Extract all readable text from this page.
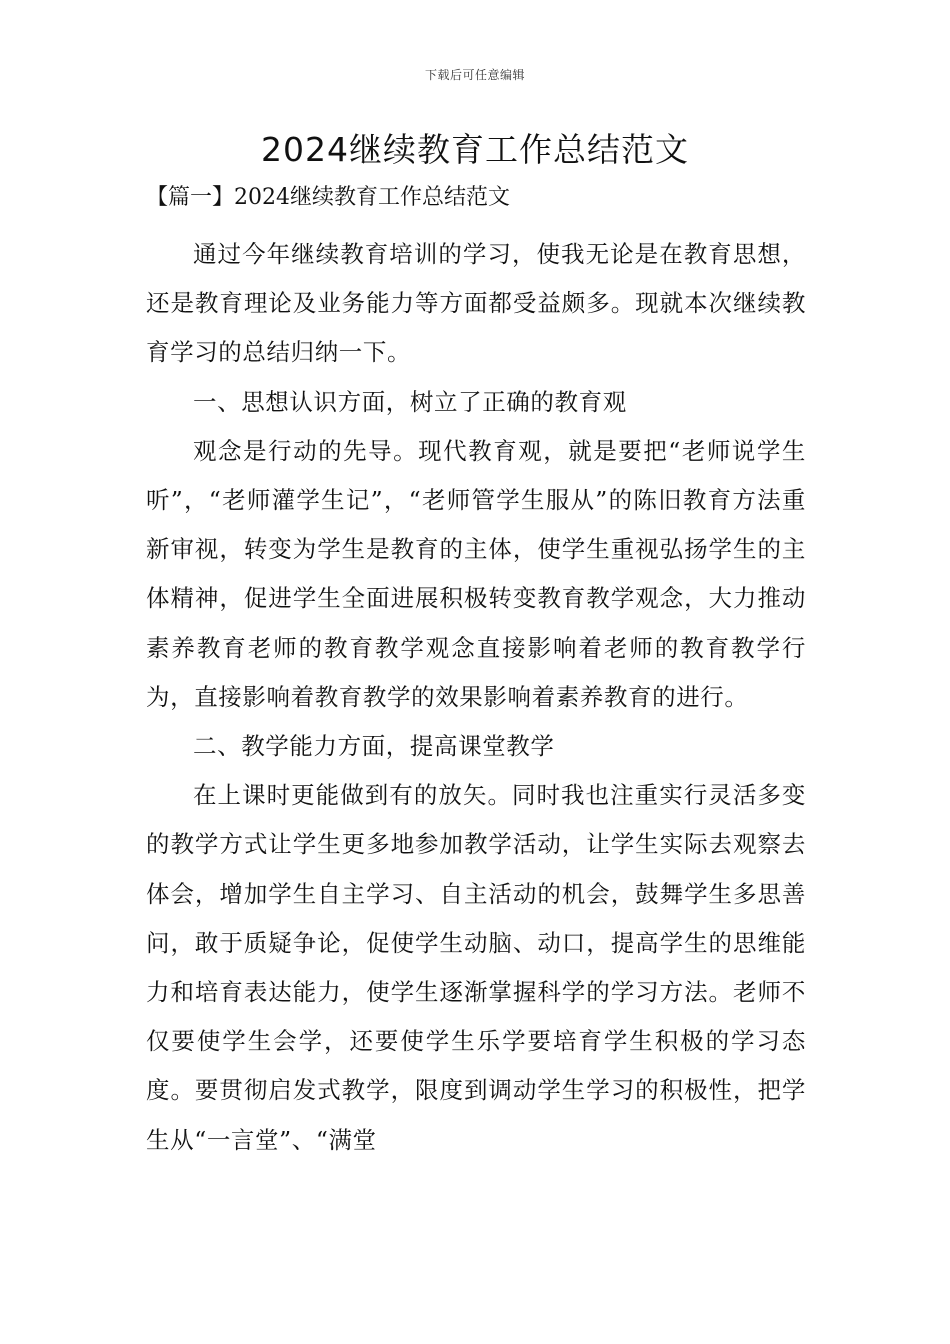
下载后可任意编辑
2024继续教育工作总结范文
【篇一】2024继续教育工作总结范文

通过今年继续教育培训的学习，使我无论是在教育思想，还是教育理论及业务能力等方面都受益颇多。现就本次继续教育学习的总结归纳一下。

一、思想认识方面，树立了正确的教育观

观念是行动的先导。现代教育观，就是要把“老师说学生听”，“老师灌学生记”，“老师管学生服从”的陈旧教育方法重新审视，转变为学生是教育的主体，使学生重视弘扬学生的主体精神，促进学生全面进展积极转变教育教学观念，大力推动素养教育老师的教育教学观念直接影响着老师的教育教学行为，直接影响着教育教学的效果影响着素养教育的进行。

二、教学能力方面，提高课堂教学

在上课时更能做到有的放矢。同时我也注重实行灵活多变的教学方式让学生更多地参加教学活动，让学生实际去观察去体会，增加学生自主学习、自主活动的机会，鼓舞学生多思善问，敢于质疑争论，促使学生动脑、动口，提高学生的思维能力和培育表达能力，使学生逐渐掌握科学的学习方法。老师不仅要使学生会学，还要使学生乐学要培育学生积极的学习态度。要贯彻启发式教学，限度到调动学生学习的积极性，把学生从“一言堂”、“满堂
